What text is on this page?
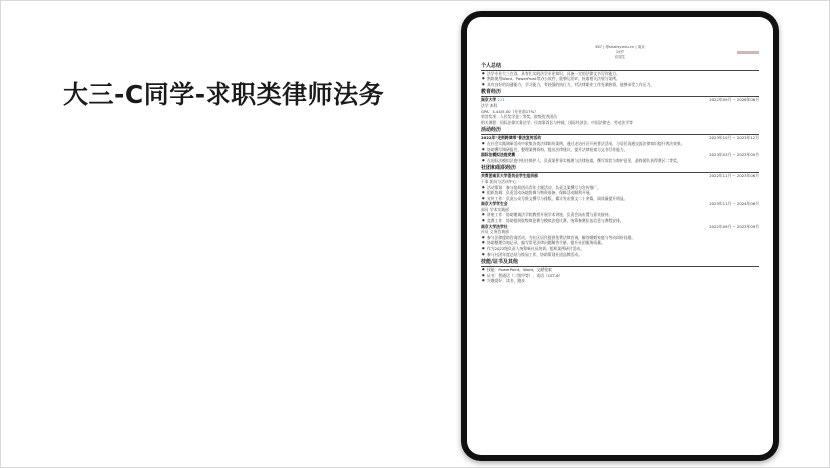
大三-C同学-求职类律师法务
567 | @shalisy.edu.cn | 南京
19岁
应届生
个人总结
● 法学专业大三在读，具有扎实的法学专业知识，具备一定的法律文书写作能力。
● 熟练使用Word、PowerPoint等办公软件，能够运用IT，检索相关法规与案例。
● 具有良好的沟通能力、学习能力，有较强的执行力，对法律职业工作充满热情，能够承受工作压力。
教育经历
南京大学 211	2022年09月 ~ 2026年06月
法学 本科
GPA：4.44/5.00（专业前17%）
荣誉奖项：人民奖学金三等奖，院级优秀团员
相关课程：国际法律实务法学，民商事诉讼与仲裁、国际经济法、中国法律史、劳动法学等
活动经历
2022年"走街跨律师"普法宣传活动	2023年10月 ~ 2023年12月
● 在社会实践调研活动中收集各类法律纠纷案例，通过走访社区开展普法活动，与居民沟通交流法律知识提升普法效果。
● 协助撰写调研报告，整理案例资料，提出法律建议，提升法律检索与文书写作能力。
国际法模拟法庭竞赛	2023年03月 ~ 2023年05月
● 在国际法模拟法庭中担任辩护人，负责案件事实梳理与法律检索，撰写诉状与辩护意见，最终团队获得赛区二等奖。
社团和组织经历
共青团南京大学委员会学生组织部	2022年11月 ~ 2023年06月
干事 团员与活动中心
● 活动策划：参与组织团员青年主题活动，负责文案撰写与宣传推广。
● 组织协调：负责活动场地协调与物资准备，保障活动顺利开展。
● 宣传工作：负责公众号推文撰写与排版，累计发布推文二十余篇，阅读量提升明显。
南京大学学生会	2023年11月 ~ 2024年06月
部员 学术实践部
● 讲座工作：协助邀请法学院教授开展学术讲座，负责会场布置与嘉宾接待。
● 竞赛工作：协助组织院级辩论赛与模拟法庭比赛，统筹参赛队伍信息与赛程安排。
南京大学法学社	2022年09月 ~ 2023年09月
社员 义务咨询部
● 参与法律援助咨询活动，为社区居民提供免费法律咨询，解答婚姻家庭与劳动纠纷问题。
● 协助整理咨询记录，编写常见法律问题解答手册，提升社团服务质量。
● 作为2022级负责人统筹新社员培训，组织案例研讨活动。
● 参与社团年度总结与换届工作，协助策划社团品牌活动。
技能/证书及其他
● 技能：PowerPoint，Word，文献检索
● 证书：普通话（二级甲等），英语（CET-6）
● 兴趣爱好：读书，跑步
